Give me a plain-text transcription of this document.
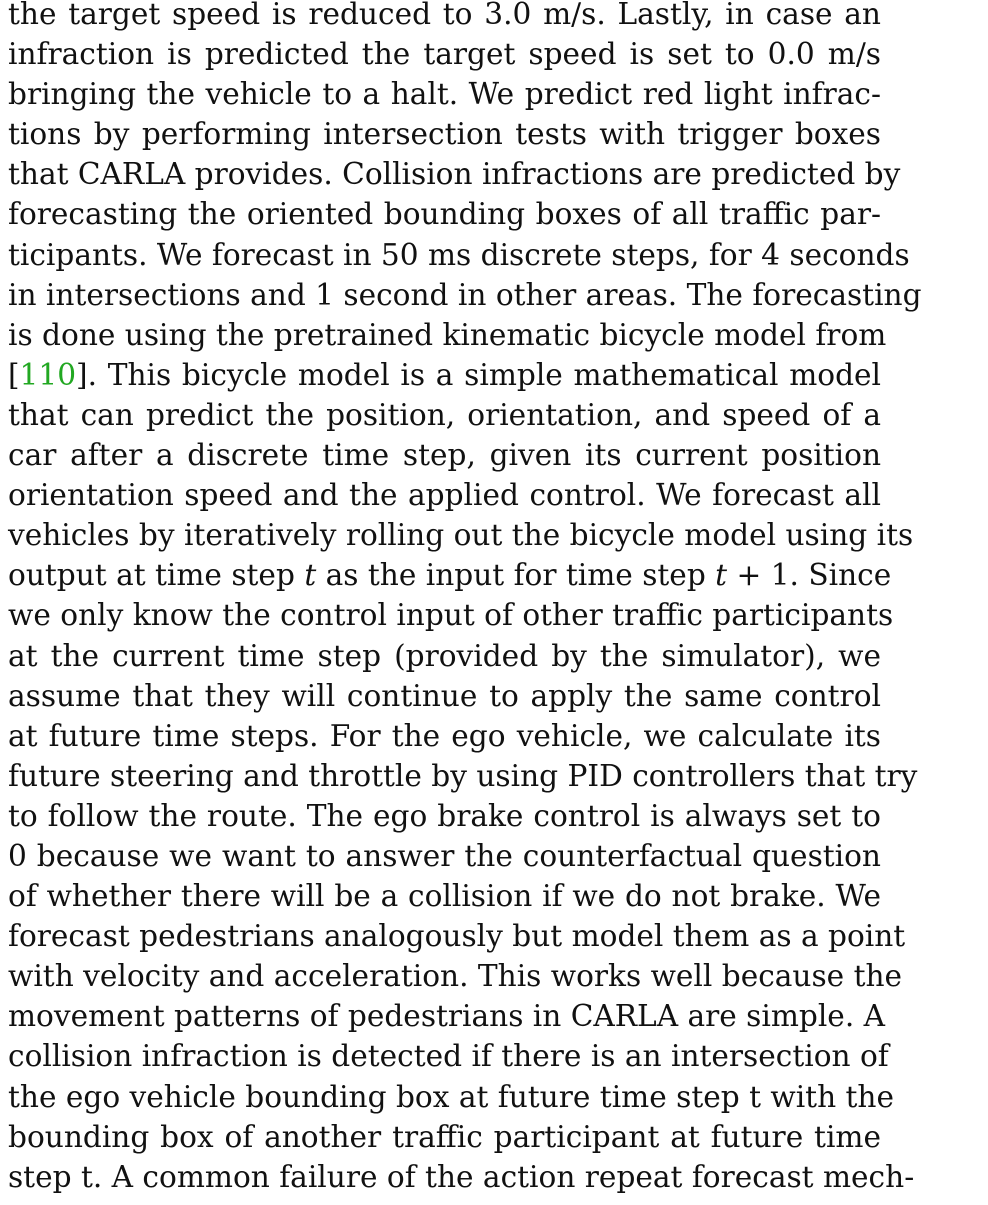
the target speed is reduced to 3.0 m/s. Lastly, in case an
infraction is predicted the target speed is set to 0.0 m/s
bringing the vehicle to a halt. We predict red light infrac-
tions by performing intersection tests with trigger boxes
that CARLA provides. Collision infractions are predicted by
forecasting the oriented bounding boxes of all traffic par-
ticipants. We forecast in 50 ms discrete steps, for 4 seconds
in intersections and 1 second in other areas. The forecasting
is done using the pretrained kinematic bicycle model from
[110]. This bicycle model is a simple mathematical model
that can predict the position, orientation, and speed of a
car after a discrete time step, given its current position
orientation speed and the applied control. We forecast all
vehicles by iteratively rolling out the bicycle model using its
output at time step t as the input for time step t + 1. Since
we only know the control input of other traffic participants
at the current time step (provided by the simulator), we
assume that they will continue to apply the same control
at future time steps. For the ego vehicle, we calculate its
future steering and throttle by using PID controllers that try
to follow the route. The ego brake control is always set to
0 because we want to answer the counterfactual question
of whether there will be a collision if we do not brake. We
forecast pedestrians analogously but model them as a point
with velocity and acceleration. This works well because the
movement patterns of pedestrians in CARLA are simple. A
collision infraction is detected if there is an intersection of
the ego vehicle bounding box at future time step t with the
bounding box of another traffic participant at future time
step t. A common failure of the action repeat forecast mech-
